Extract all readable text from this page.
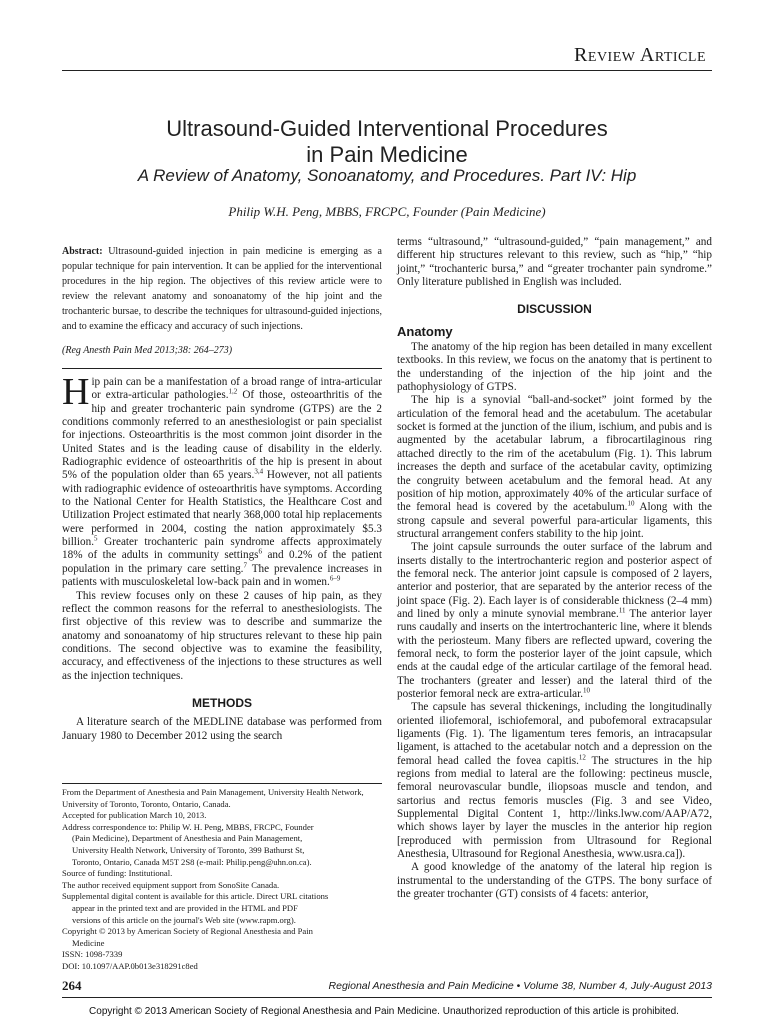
REVIEW ARTICLE
Ultrasound-Guided Interventional Procedures
in Pain Medicine
A Review of Anatomy, Sonoanatomy, and Procedures. Part IV: Hip
Philip W.H. Peng, MBBS, FRCPC, Founder (Pain Medicine)
Abstract: Ultrasound-guided injection in pain medicine is emerging as a popular technique for pain intervention. It can be applied for the interventional procedures in the hip region. The objectives of this review article were to review the relevant anatomy and sonoanatomy of the hip joint and the trochanteric bursae, to describe the techniques for ultrasound-guided injections, and to examine the efficacy and accuracy of such injections.
(Reg Anesth Pain Med 2013;38: 264–273)

Hip pain can be a manifestation of a broad range of intra-articular or extra-articular pathologies.$^{1,2}$ Of those, osteoarthritis of the hip and greater trochanteric pain syndrome (GTPS) are the 2 conditions commonly referred to an anesthesiologist or pain specialist for injections. Osteoarthritis is the most common joint disorder in the United States and is the leading cause of disability in the elderly. Radiographic evidence of osteoarthritis of the hip is present in about 5% of the population older than 65 years.$^{3,4}$ However, not all patients with radiographic evidence of osteoarthritis have symptoms. According to the National Center for Health Statistics, the Healthcare Cost and Utilization Project estimated that nearly 368,000 total hip replacements were performed in 2004, costing the nation approximately $5.3 billion.$^5$ Greater trochanteric pain syndrome affects approximately 18% of the adults in community settings$^6$ and 0.2% of the patient population in the primary care setting.$^7$ The prevalence increases in patients with musculoskeletal low-back pain and in women.$^{6-9}$

This review focuses only on these 2 causes of hip pain, as they reflect the common reasons for the referral to anesthesiologists. The first objective of this review was to describe and summarize the anatomy and sonoanatomy of hip structures relevant to these hip pain conditions. The second objective was to examine the feasibility, accuracy, and effectiveness of the injections to these structures as well as the injection techniques.

METHODS

A literature search of the MEDLINE database was performed from January 1980 to December 2012 using the search

From the Department of Anesthesia and Pain Management, University Health Network, University of Toronto, Toronto, Ontario, Canada.
Accepted for publication March 10, 2013.
Address correspondence to: Philip W. H. Peng, MBBS, FRCPC, Founder
(Pain Medicine), Department of Anesthesia and Pain Management,
University Health Network, University of Toronto, 399 Bathurst St,
Toronto, Ontario, Canada M5T 2S8 (e-mail: Philip.peng@uhn.on.ca).
Source of funding: Institutional.
The author received equipment support from SonoSite Canada.
Supplemental digital content is available for this article. Direct URL citations
appear in the printed text and are provided in the HTML and PDF
versions of this article on the journal's Web site (www.rapm.org).
Copyright © 2013 by American Society of Regional Anesthesia and Pain
Medicine
ISSN: 1098-7339
DOI: 10.1097/AAP.0b013e318291c8ed

terms “ultrasound,” “ultrasound-guided,” “pain management,” and different hip structures relevant to this review, such as “hip,” “hip joint,” “trochanteric bursa,” and “greater trochanter pain syndrome.” Only literature published in English was included.

DISCUSSION
Anatomy

The anatomy of the hip region has been detailed in many excellent textbooks. In this review, we focus on the anatomy that is pertinent to the understanding of the injection of the hip joint and the pathophysiology of GTPS.

The hip is a synovial “ball-and-socket” joint formed by the articulation of the femoral head and the acetabulum. The acetabular socket is formed at the junction of the ilium, ischium, and pubis and is augmented by the acetabular labrum, a fibrocartilaginous ring attached directly to the rim of the acetabulum (Fig. 1). This labrum increases the depth and surface of the acetabular cavity, optimizing the congruity between acetabulum and the femoral head. At any position of hip motion, approximately 40% of the articular surface of the femoral head is covered by the acetabulum.$^{10}$ Along with the strong capsule and several powerful para-articular ligaments, this structural arrangement confers stability to the hip joint.

The joint capsule surrounds the outer surface of the labrum and inserts distally to the intertrochanteric region and posterior aspect of the femoral neck. The anterior joint capsule is composed of 2 layers, anterior and posterior, that are separated by the anterior recess of the joint space (Fig. 2). Each layer is of considerable thickness (2–4 mm) and lined by only a minute synovial membrane.$^{11}$ The anterior layer runs caudally and inserts on the intertrochanteric line, where it blends with the periosteum. Many fibers are reflected upward, covering the femoral neck, to form the posterior layer of the joint capsule, which ends at the caudal edge of the articular cartilage of the femoral head. The trochanters (greater and lesser) and the lateral third of the posterior femoral neck are extra-articular.$^{10}$

The capsule has several thickenings, including the longitudinally oriented iliofemoral, ischiofemoral, and pubofemoral extracapsular ligaments (Fig. 1). The ligamentum teres femoris, an intracapsular ligament, is attached to the acetabular notch and a depression on the femoral head called the fovea capitis.$^{12}$ The structures in the hip regions from medial to lateral are the following: pectineus muscle, femoral neurovascular bundle, iliopsoas muscle and tendon, and sartorius and rectus femoris muscles (Fig. 3 and see Video, Supplemental Digital Content 1, http://links.lww.com/AAP/A72, which shows layer by layer the muscles in the anterior hip region [reproduced with permission from Ultrasound for Regional Anesthesia, Ultrasound for Regional Anesthesia, www.usra.ca]).

A good knowledge of the anatomy of the lateral hip region is instrumental to the understanding of the GTPS. The bony surface of the greater trochanter (GT) consists of 4 facets: anterior,

264	Regional Anesthesia and Pain Medicine • Volume 38, Number 4, July-August 2013
Copyright © 2013 American Society of Regional Anesthesia and Pain Medicine. Unauthorized reproduction of this article is prohibited.
